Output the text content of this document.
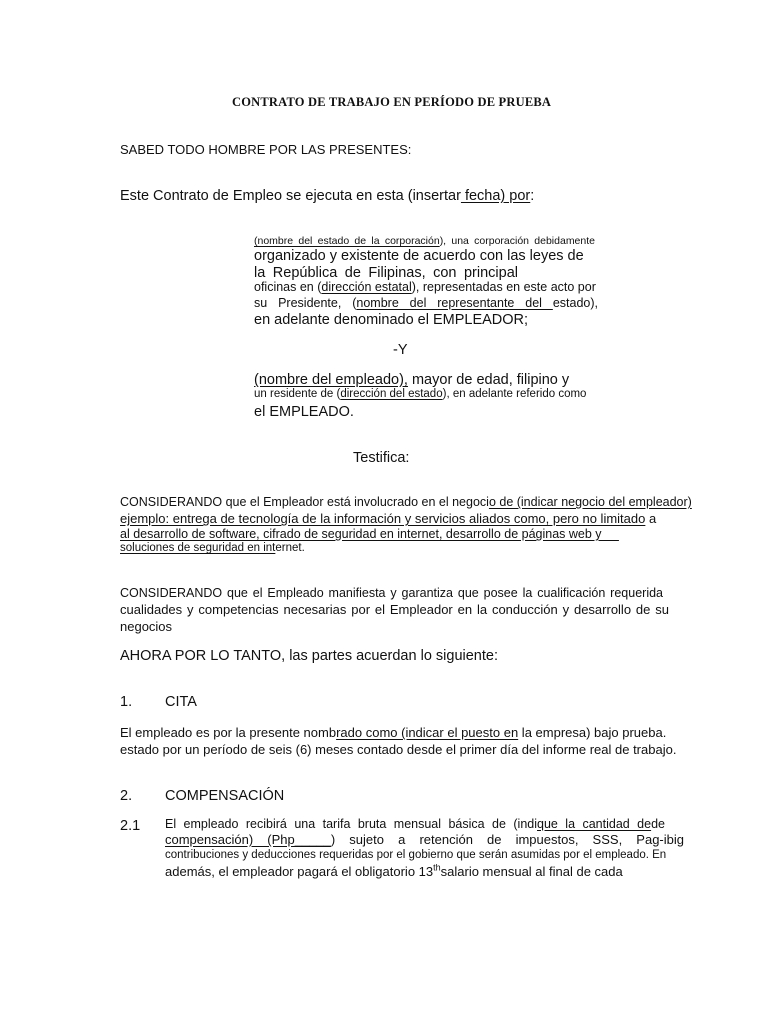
CONTRATO DE TRABAJO EN PERÍODO DE PRUEBA
SABED TODO HOMBRE POR LAS PRESENTES:
Este Contrato de Empleo se ejecuta en esta (insertar fecha) por:
(nombre del estado de la corporación), una corporación debidamente
organizado y existente de acuerdo con las leyes de
la República de Filipinas, con principal
oficinas en (dirección estatal), representadas en este acto por
su Presidente, (nombre del representante del estado),
en adelante denominado el EMPLEADOR;
-Y
(nombre del empleado), mayor de edad, filipino y
un residente de (dirección del estado), en adelante referido como
el EMPLEADO.
Testifica:
CONSIDERANDO que el Empleador está involucrado en el negocio de (indicar negocio del empleador)
ejemplo: entrega de tecnología de la información y servicios aliados como, pero no limitado a
al desarrollo de software, cifrado de seguridad en internet, desarrollo de páginas web y
soluciones de seguridad en internet.
CONSIDERANDO que el Empleado manifiesta y garantiza que posee la cualificación requerida
cualidades y competencias necesarias por el Empleador en la conducción y desarrollo de su
negocios
AHORA POR LO TANTO, las partes acuerdan lo siguiente:
1. CITA
El empleado es por la presente nombrado como (indicar el puesto en la empresa) bajo prueba.
estado por un período de seis (6) meses contado desde el primer día del informe real de trabajo.
2. COMPENSACIÓN
2.1 El empleado recibirá una tarifa bruta mensual básica de (indique la cantidad dede
compensación) (Php_____) sujeto a retención de impuestos, SSS, Pag-ibig
contribuciones y deducciones requeridas por el gobierno que serán asumidas por el empleado. En
además, el empleador pagará el obligatorio 13thsalario mensual al final de cada
